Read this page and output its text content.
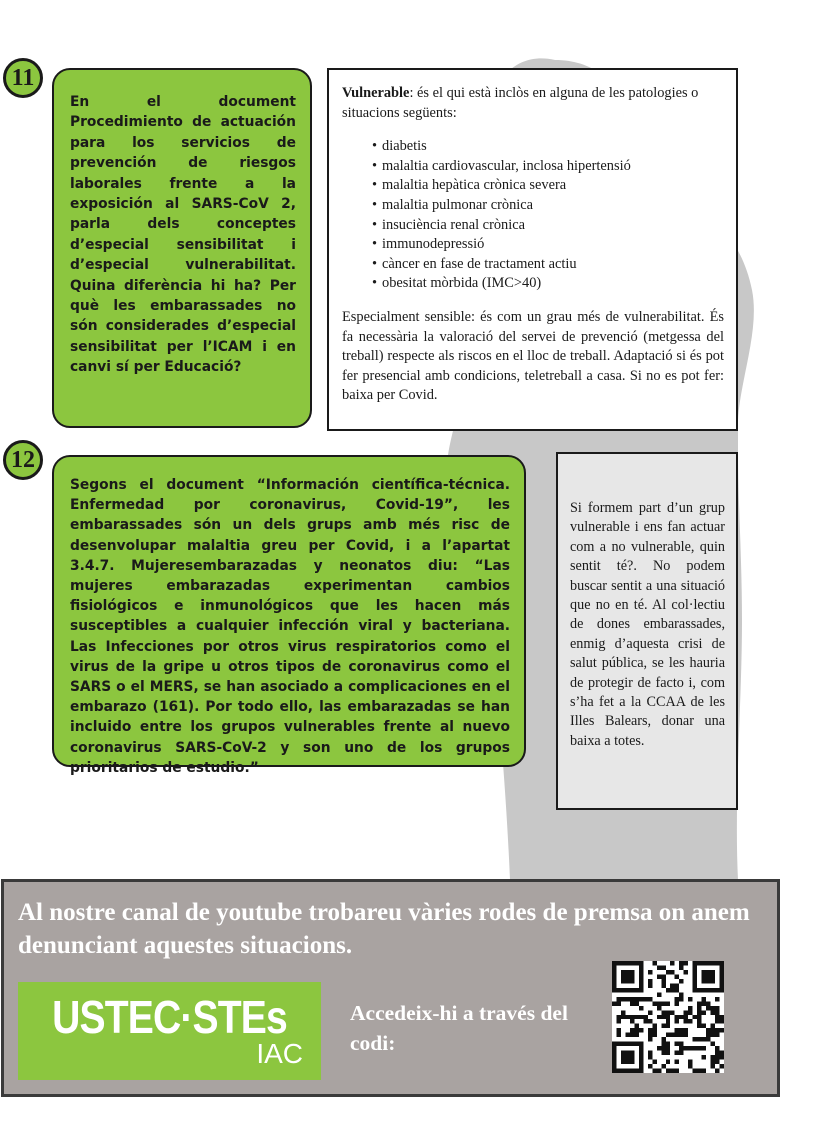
11
En el document Procedimiento de actuación para los servicios de prevención de riesgos laborales frente a la exposición al SARS-CoV 2, parla dels conceptes d’especial sensibilitat i d’especial vulnerabilitat. Quina diferència hi ha? Per què les embarassades no són considerades d’especial sensibilitat per l’ICAM i en canvi sí per Educació?
Vulnerable: és el qui està inclòs en alguna de les patologies o situacions següents:
• diabetis
• malaltia cardiovascular, inclosa hipertensió
• malaltia hepàtica crònica severa
• malaltia pulmonar crònica
• insuciència renal crònica
• immunodepressió
• càncer en fase de tractament actiu
• obesitat mòrbida (IMC>40)
Especialment sensible: és com un grau més de vulnerabilitat. És fa necessària la valoració del servei de prevenció (metgessa del treball) respecte als riscos en el lloc de treball. Adaptació si és pot fer presencial amb condicions, teletreball a casa. Si no es pot fer: baixa per Covid.
12
Segons el document “Información científica-técnica. Enfermedad por coronavirus, Covid-19”, les embarassades són un dels grups amb més risc de desenvolupar malaltia greu per Covid, i a l’apartat 3.4.7. Mujeresembarazadas y neonatos diu: “Las mujeres embarazadas experimentan cambios fisiológicos e inmunológicos que les hacen más susceptibles a cualquier infección viral y bacteriana. Las Infecciones por otros virus respiratorios como el virus de la gripe u otros tipos de coronavirus como el SARS o el MERS, se han asociado a complicaciones en el embarazo (161). Por todo ello, las embarazadas se han incluido entre los grupos vulnerables frente al nuevo coronavirus SARS-CoV-2 y son uno de los grupos prioritarios de estudio.”
Si formem part d’un grup vulnerable i ens fan actuar com a no vulnerable, quin sentit té?. No podem buscar sentit a una situació que no en té. Al col·lectiu de dones embarassades, enmig d’aquesta crisi de salut pública, se les hauria de protegir de facto i, com s’ha fet a la CCAA de les Illes Balears, donar una baixa a totes.
Al nostre canal de youtube trobareu vàries rodes de premsa on anem denunciant aquestes situacions.
USTEC·STEs
IAC
Accedeix-hi a través del codi:
